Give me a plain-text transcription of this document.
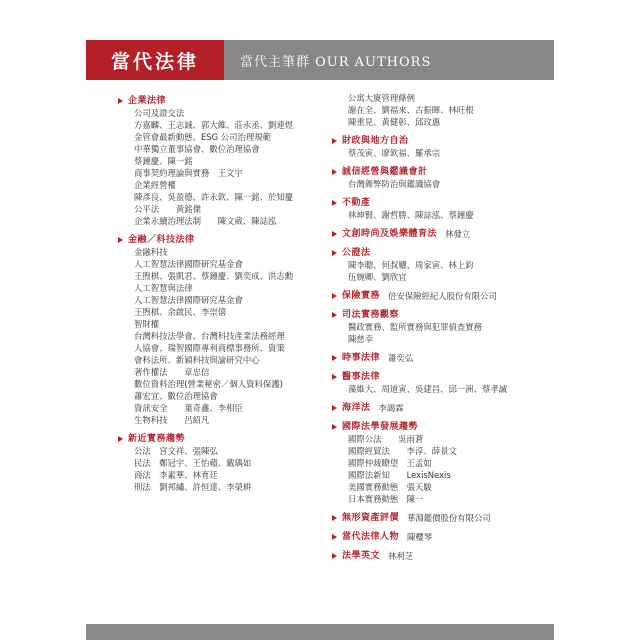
當代法律	當代主筆群 OUR AUTHORS
企業法律
公司及證交法
方嘉麟、王志誠、郭大維、莊永丞、劉連煜
金管會最新動態、ESG 公司治理規範
中華獨立董事協會、數位治理協會
蔡鐘慶、陳一銘
商事契約理論與實務　王文宇
企業經營權
陳彥良、吳盈德、許永欽、陳一銘、於知慶
公平法　　黃銘傑
企業永續治理法制　　陳文葳、陳誌泓
金融／科技法律
金融科技
人工智慧法律國際研究基金會
王煦棋、張凱君、蔡鐘慶、劉奕成、洪志勳
人工智慧與法律
人工智慧法律國際研究基金會
王煦棋、余啟民、李崇僖
智財權
台灣科技法學會、台灣科技產業法務經理
人協會、瑞智國際專利商標事務所、資策
會科法所、新穎科技與論研究中心
著作權法　　章忠信
數位資料治理(營業秘密／個人資料保護)
蕭宏宜、數位治理協會
資訊安全　　葉奇鑫、李相臣
生物科技　　呂紹凡
新近實務趨勢
公法　宮文祥、張陳弘
民法　鄭冠宇、王怡蘋、戴瑀如
商法　李素華、林育廷
刑法　劉邦繡、許恒達、李榮耕
公寓大廈管理條例
謝在全、劉福來、古振暉、林旺根
陳重見、黃健彰、邱玟惠
財政與地方自治
蔡茂寅、廖欽福、羅承宗
誠信經營與鑑識會計
台灣舞弊防治與鑑識協會
不動產
林坤賢、謝哲勝、陳誌泓、蔡鐘慶
文創時尚及娛樂體育法 林發立
公證法
陳李聰、何叔孋、周家寅、林上鈞
伍婉卿、劉欣宜
保險實務 倍安保險經紀人股份有限公司
司法實務觀察
醫政實務、監所實務與犯罪偵查實務
陳慈幸
時事法律 蕭奕弘
醫事法律
藻維大、周道寅、吳建昌、邱一洲、蔡孝誠
海洋法 李謁霖
國際法學發展趨勢
國際公法　　吳雨蒼
國際經貿法　　李淳、薛景文
國際仲裁瞭望　王孟如
國際法新知　　LexisNexis
美國實務動態　張天駿
日本實務動態　陳一
無形資產評價 華淵鑑價股份有限公司
當代法律人物 陳櫻琴
法學英文 林利芝
